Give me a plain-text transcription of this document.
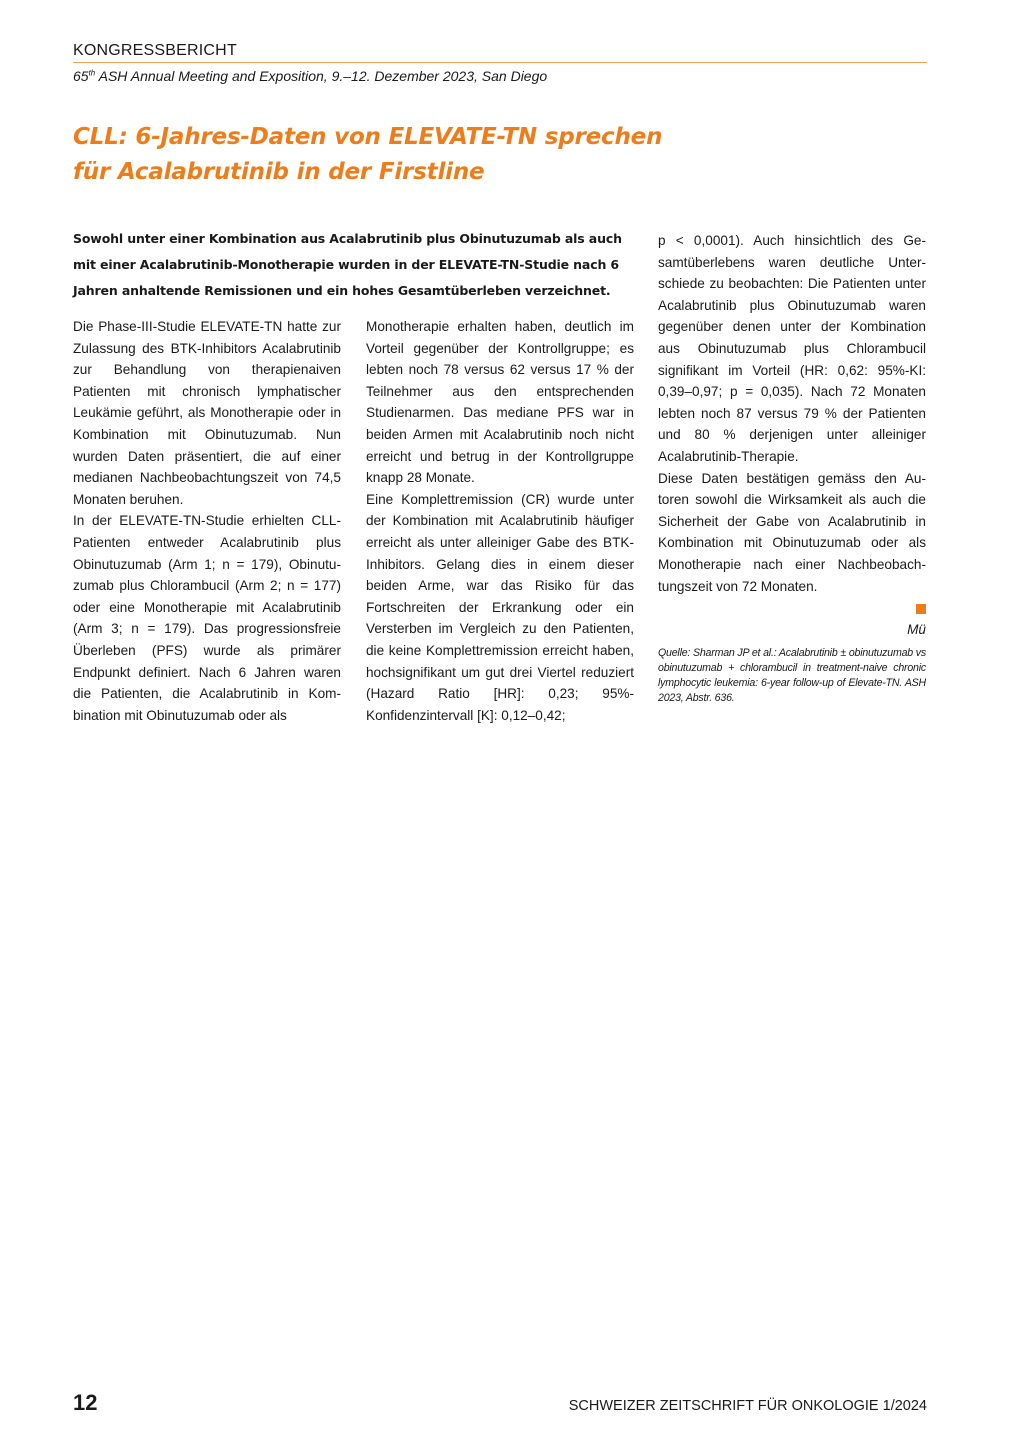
KONGRESSBERICHT
65th ASH Annual Meeting and Exposition, 9.–12. Dezember 2023, San Diego
CLL: 6-Jahres-Daten von ELEVATE-TN sprechen
für Acalabrutinib in der Firstline

Sowohl unter einer Kombination aus Acalabrutinib plus Obinutuzumab als auch mit einer Acalabrutinib-Monotherapie wurden in der ELEVATE-TN-Studie nach 6 Jahren anhaltende Remissionen und ein hohes Gesamtüberleben verzeichnet.

Die Phase-III-Studie ELEVATE-TN hatte zur Zulassung des BTK-Inhibitors Acalabrutinib zur Behandlung von therapienaiven Patienten mit chronisch lymphatischer Leukämie geführt, als Monotherapie oder in Kombination mit Obinutuzumab. Nun wurden Daten präsentiert, die auf einer medianen Nachbeobachtungszeit von 74,5 Monaten beruhen.

In der ELEVATE-TN-Studie erhielten CLL-Patienten entweder Acalabrutinib plus Obinutuzumab (Arm 1; n = 179), Obinutuzumab plus Chlorambucil (Arm 2; n = 177) oder eine Monotherapie mit Acalabrutinib (Arm 3; n = 179). Das progressionsfreie Überleben (PFS) wurde als primärer Endpunkt definiert. Nach 6 Jahren waren die Patienten, die Acalabrutinib in Kombination mit Obinutuzumab oder als

Monotherapie erhalten haben, deutlich im Vorteil gegenüber der Kontrollgruppe; es lebten noch 78 versus 62 versus 17 % der Teilnehmer aus den entsprechenden Studienarmen. Das mediane PFS war in beiden Armen mit Acalabrutinib noch nicht erreicht und betrug in der Kontrollgruppe knapp 28 Monate.

Eine Komplettremission (CR) wurde unter der Kombination mit Acalabrutinib häufiger erreicht als unter alleiniger Gabe des BTK-Inhibitors. Gelang dies in einem dieser beiden Arme, war das Risiko für das Fortschreiten der Erkrankung oder ein Versterben im Vergleich zu den Patienten, die keine Komplettremission erreicht haben, hochsignifikant um gut drei Viertel reduziert (Hazard Ratio [HR]: 0,23; 95%-Konfidenzintervall [K]: 0,12–0,42;

p < 0,0001). Auch hinsichtlich des Gesamtüberlebens waren deutliche Unterschiede zu beobachten: Die Patienten unter Acalabrutinib plus Obinutuzumab waren gegenüber denen unter der Kombination aus Obinutuzumab plus Chlorambucil signifikant im Vorteil (HR: 0,62: 95%-KI: 0,39–0,97; p = 0,035). Nach 72 Monaten lebten noch 87 versus 79 % der Patienten und 80 % derjenigen unter alleiniger Acalabrutinib-Therapie.

Diese Daten bestätigen gemäss den Autoren sowohl die Wirksamkeit als auch die Sicherheit der Gabe von Acalabrutinib in Kombination mit Obinutuzumab oder als Monotherapie nach einer Nachbeobachtungszeit von 72 Monaten.

Mü

Quelle: Sharman JP et al.: Acalabrutinib ± obinutuzumab vs obinutuzumab + chlorambucil in treatment-naive chronic lymphocytic leukemia: 6-year follow-up of Elevate-TN. ASH 2023, Abstr. 636.

12	SCHWEIZER ZEITSCHRIFT FÜR ONKOLOGIE 1/2024
